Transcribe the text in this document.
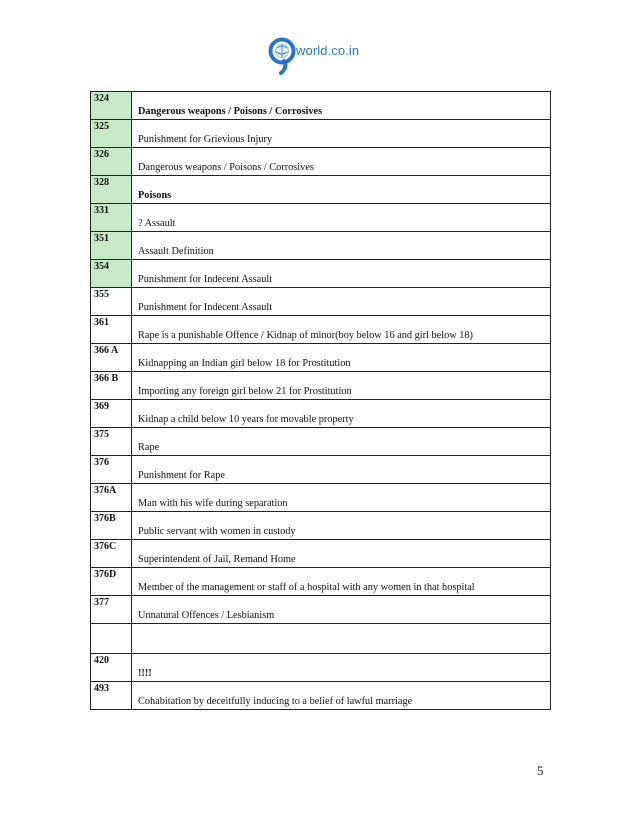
world.co.in
324	Dangerous weapons / Poisons / Corrosives
325	Punishment for Grievious Injury
326	Dangerous weapons / Poisons / Corrosives
328	Poisons
331	? Assault
351	Assault Definition
354	Punishment for Indecent Assault
355	Punishment for Indecent Assault
361	Rape is a punishable Offence / Kidnap of minor(boy below 16 and girl below 18)
366 A	Kidnapping an Indian girl below 18 for Prostitution
366 B	Importing any foreign girl below 21 for Prostitution
369	Kidnap a child below 10 years for movable property
375	Rape
376	Punishment for Rape
376A	Man with his wife during separation
376B	Public servant with women in custody
376C	Superintendent of Jail, Remand Home
376D	Member of the management or staff of a hospital with any women in that hospital
377	Unnatural Offences / Lesbianism

420	!!!!
493	Cohabitation by deceitfully inducing to a belief of lawful marriage
5
